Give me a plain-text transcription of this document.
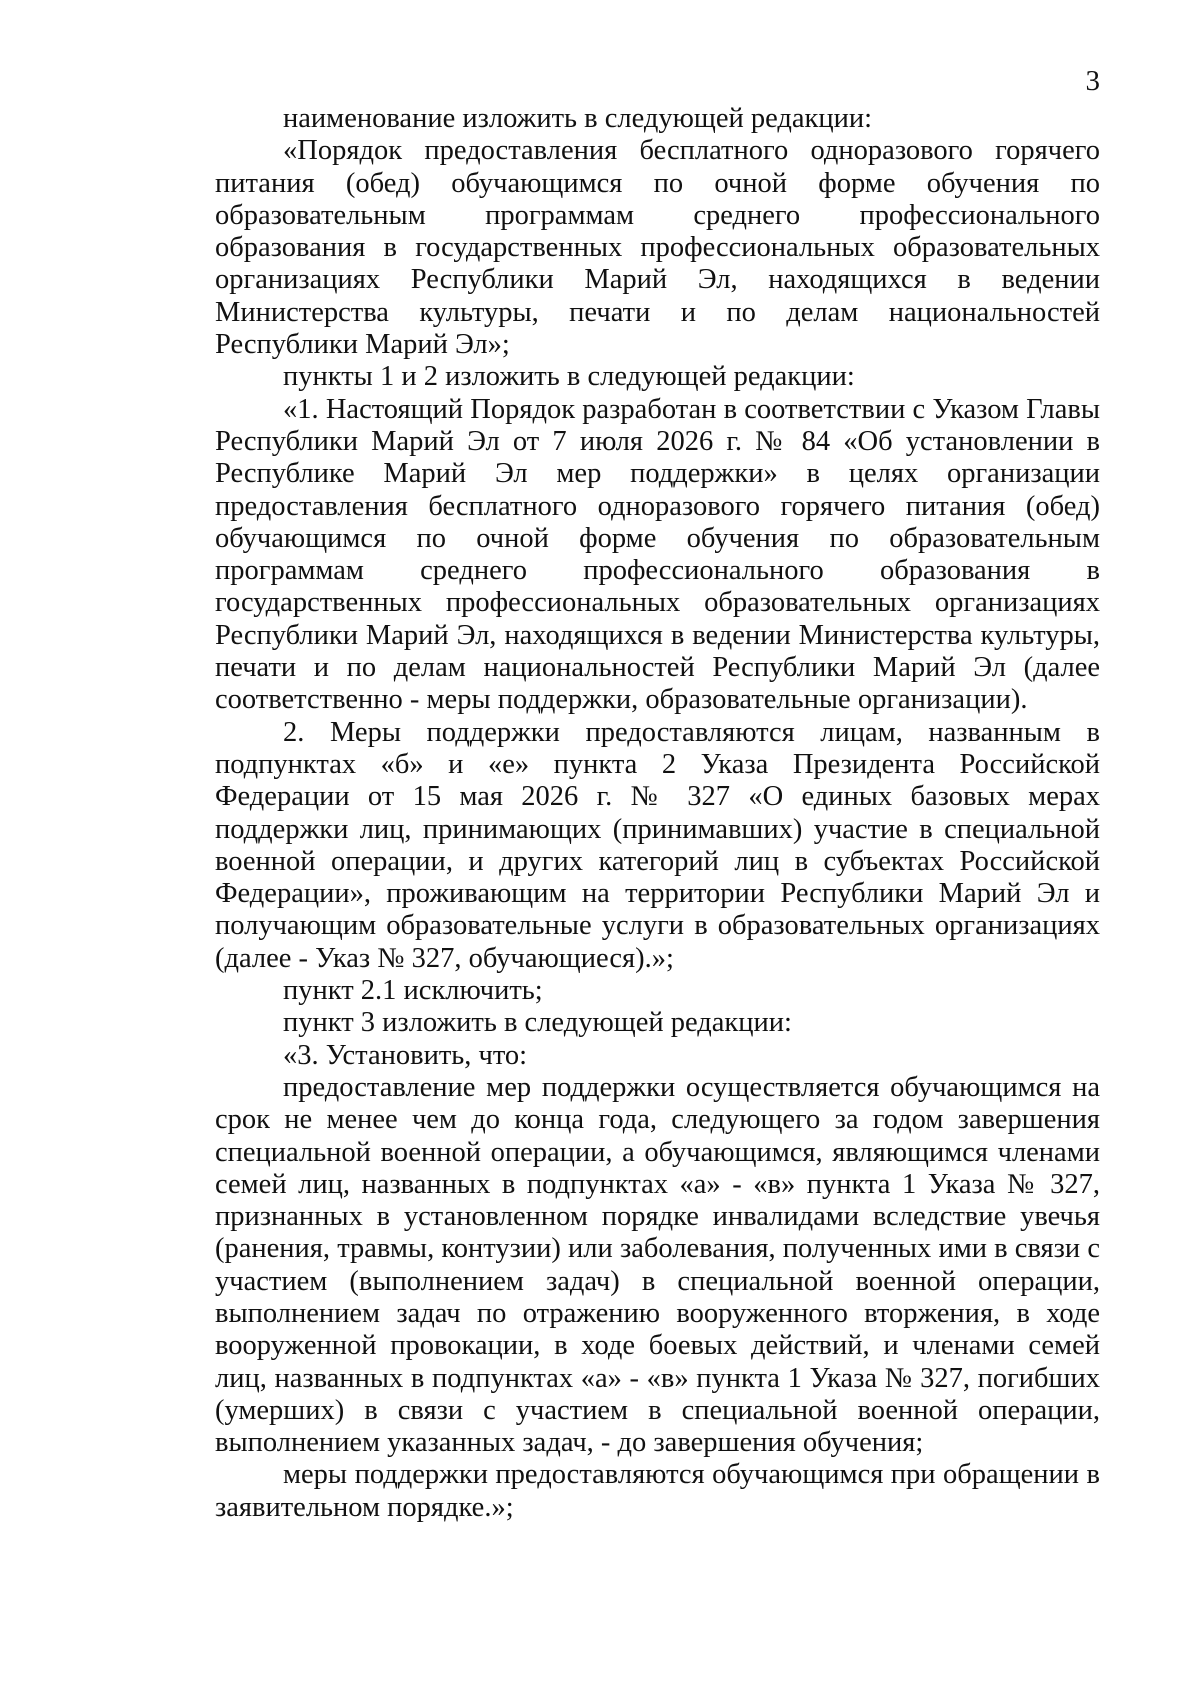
3

наименование изложить в следующей редакции:

«Порядок предоставления бесплатного одноразового горячего питания (обед) обучающимся по очной форме обучения по образовательным программам среднего профессионального образования в государственных профессиональных образовательных организациях Республики Марий Эл, находящихся в ведении Министерства культуры, печати и по делам национальностей Республики Марий Эл»;

пункты 1 и 2 изложить в следующей редакции:

«1. Настоящий Порядок разработан в соответствии с Указом Главы Республики Марий Эл от 7 июля 2026 г. № 84 «Об установлении в Республике Марий Эл мер поддержки» в целях организации предоставления бесплатного одноразового горячего питания (обед) обучающимся по очной форме обучения по образовательным программам среднего профессионального образования в государственных профессиональных образовательных организациях Республики Марий Эл, находящихся в ведении Министерства культуры, печати и по делам национальностей Республики Марий Эл (далее соответственно - меры поддержки, образовательные организации).

2. Меры поддержки предоставляются лицам, названным в подпунктах «б» и «е» пункта 2 Указа Президента Российской Федерации от 15 мая 2026 г. № 327 «О единых базовых мерах поддержки лиц, принимающих (принимавших) участие в специальной военной операции, и других категорий лиц в субъектах Российской Федерации», проживающим на территории Республики Марий Эл и получающим образовательные услуги в образовательных организациях (далее - Указ № 327, обучающиеся).»;

пункт 2.1 исключить;

пункт 3 изложить в следующей редакции:

«3. Установить, что:

предоставление мер поддержки осуществляется обучающимся на срок не менее чем до конца года, следующего за годом завершения специальной военной операции, а обучающимся, являющимся членами семей лиц, названных в подпунктах «а» - «в» пункта 1 Указа № 327, признанных в установленном порядке инвалидами вследствие увечья (ранения, травмы, контузии) или заболевания, полученных ими в связи с участием (выполнением задач) в специальной военной операции, выполнением задач по отражению вооруженного вторжения, в ходе вооруженной провокации, в ходе боевых действий, и членами семей лиц, названных в подпунктах «а» - «в» пункта 1 Указа № 327, погибших (умерших) в связи с участием в специальной военной операции, выполнением указанных задач, - до завершения обучения;

меры поддержки предоставляются обучающимся при обращении в заявительном порядке.»;
